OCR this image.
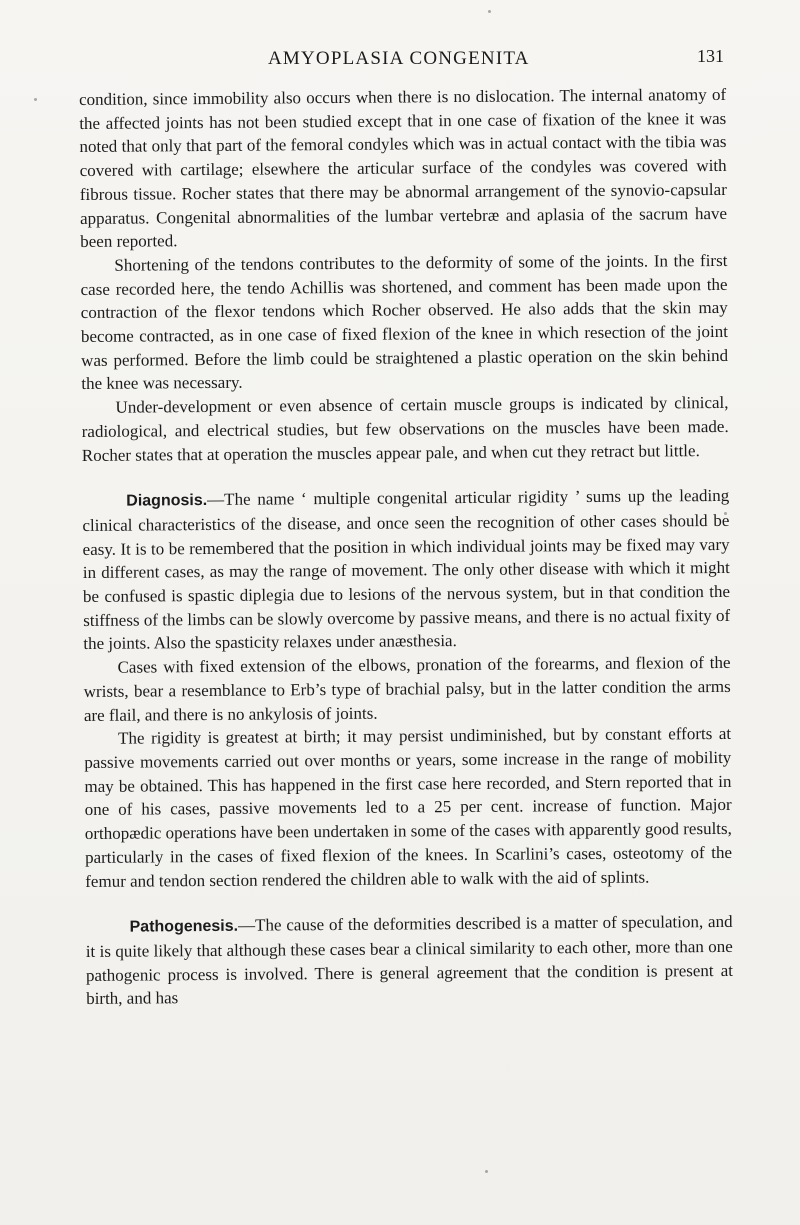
AMYOPLASIA CONGENITA	131

condition, since immobility also occurs when there is no dislocation. The internal anatomy of the affected joints has not been studied except that in one case of fixation of the knee it was noted that only that part of the femoral condyles which was in actual contact with the tibia was covered with cartilage; elsewhere the articular surface of the condyles was covered with fibrous tissue. Rocher states that there may be abnormal arrangement of the synovio-capsular apparatus. Congenital abnormalities of the lumbar vertebræ and aplasia of the sacrum have been reported.

Shortening of the tendons contributes to the deformity of some of the joints. In the first case recorded here, the tendo Achillis was shortened, and comment has been made upon the contraction of the flexor tendons which Rocher observed. He also adds that the skin may become contracted, as in one case of fixed flexion of the knee in which resection of the joint was performed. Before the limb could be straightened a plastic operation on the skin behind the knee was necessary.

Under-development or even absence of certain muscle groups is indicated by clinical, radiological, and electrical studies, but few observations on the muscles have been made. Rocher states that at operation the muscles appear pale, and when cut they retract but little.

Diagnosis.—The name ‘ multiple congenital articular rigidity ’ sums up the leading clinical characteristics of the disease, and once seen the recognition of other cases should be easy. It is to be remembered that the position in which individual joints may be fixed may vary in different cases, as may the range of movement. The only other disease with which it might be confused is spastic diplegia due to lesions of the nervous system, but in that condition the stiffness of the limbs can be slowly overcome by passive means, and there is no actual fixity of the joints. Also the spasticity relaxes under anæsthesia.

Cases with fixed extension of the elbows, pronation of the forearms, and flexion of the wrists, bear a resemblance to Erb’s type of brachial palsy, but in the latter condition the arms are flail, and there is no ankylosis of joints.

The rigidity is greatest at birth; it may persist undiminished, but by constant efforts at passive movements carried out over months or years, some increase in the range of mobility may be obtained. This has happened in the first case here recorded, and Stern reported that in one of his cases, passive movements led to a 25 per cent. increase of function. Major orthopædic operations have been undertaken in some of the cases with apparently good results, particularly in the cases of fixed flexion of the knees. In Scarlini’s cases, osteotomy of the femur and tendon section rendered the children able to walk with the aid of splints.

Pathogenesis.—The cause of the deformities described is a matter of speculation, and it is quite likely that although these cases bear a clinical similarity to each other, more than one pathogenic process is involved. There is general agreement that the condition is present at birth, and has
